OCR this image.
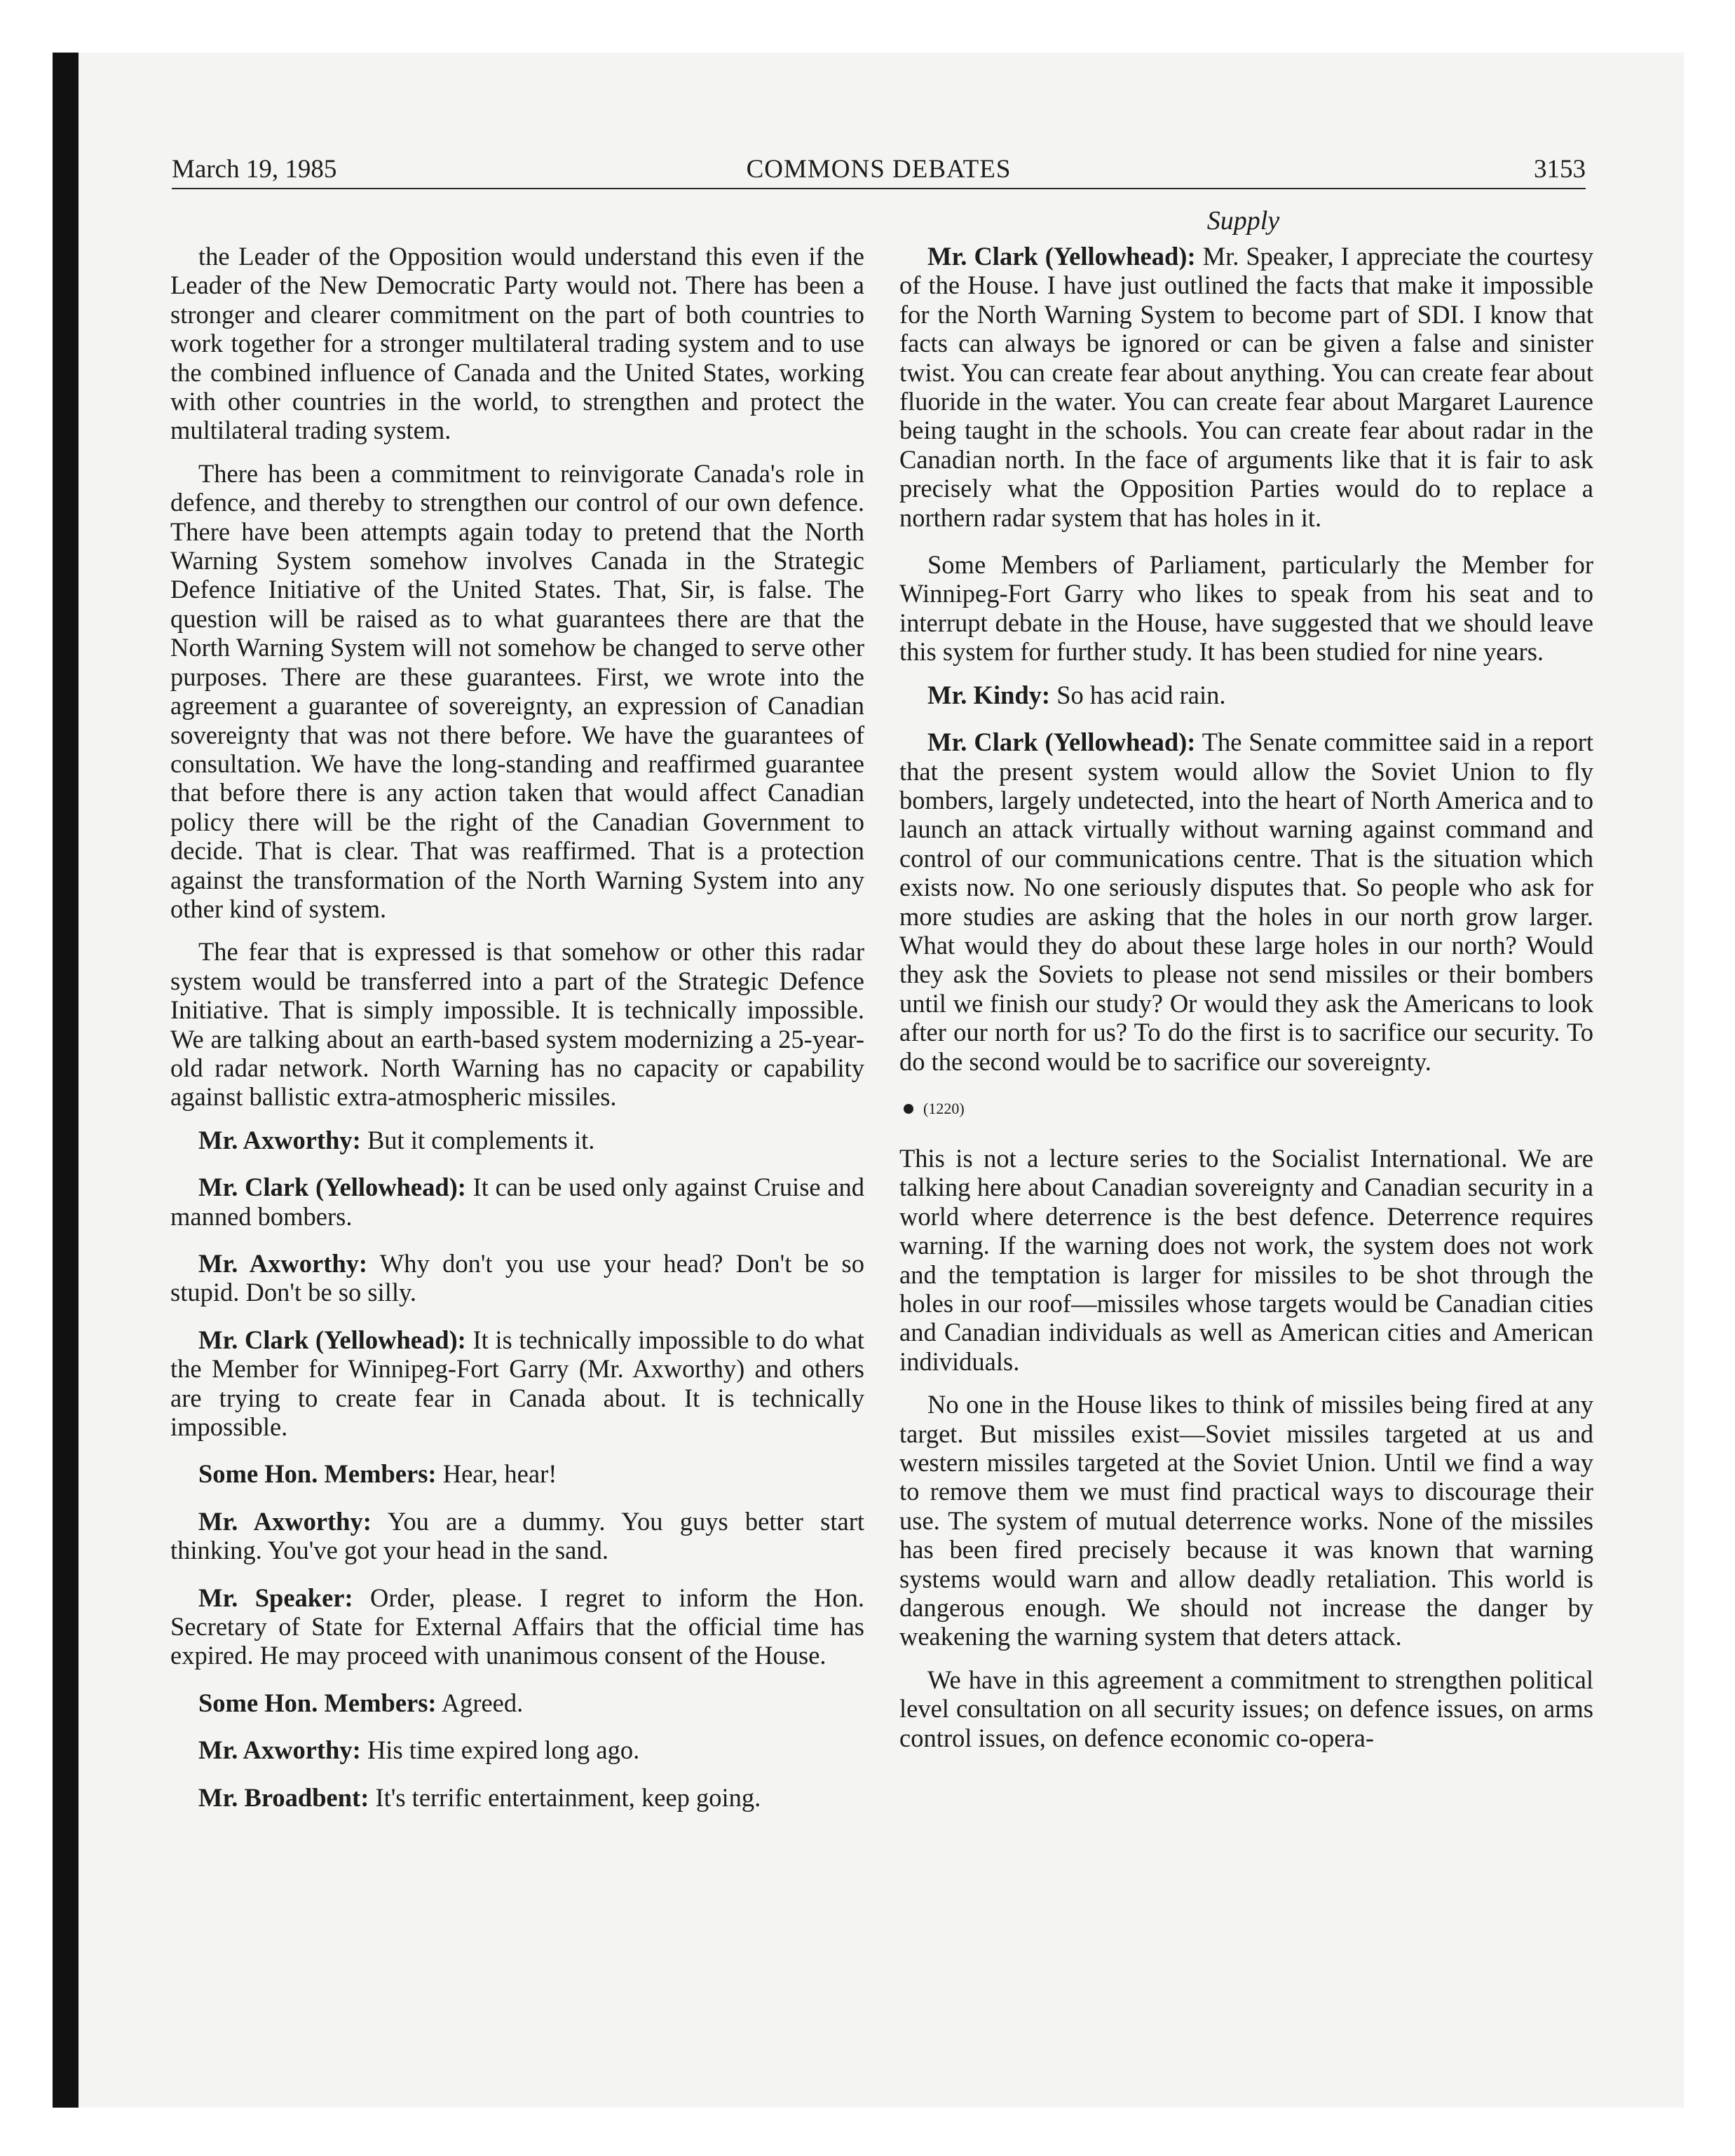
March 19, 1985	COMMONS DEBATES	3153
Supply

the Leader of the Opposition would understand this even if the Leader of the New Democratic Party would not. There has been a stronger and clearer commitment on the part of both countries to work together for a stronger multilateral trading system and to use the combined influence of Canada and the United States, working with other countries in the world, to strengthen and protect the multilateral trading system.

There has been a commitment to reinvigorate Canada's role in defence, and thereby to strengthen our control of our own defence. There have been attempts again today to pretend that the North Warning System somehow involves Canada in the Strategic Defence Initiative of the United States. That, Sir, is false. The question will be raised as to what guarantees there are that the North Warning System will not somehow be changed to serve other purposes. There are these guarantees. First, we wrote into the agreement a guarantee of sovereignty, an expression of Canadian sovereignty that was not there before. We have the guarantees of consultation. We have the long-standing and reaffirmed guarantee that before there is any action taken that would affect Canadian policy there will be the right of the Canadian Government to decide. That is clear. That was reaffirmed. That is a protection against the transformation of the North Warning System into any other kind of system.

The fear that is expressed is that somehow or other this radar system would be transferred into a part of the Strategic Defence Initiative. That is simply impossible. It is technically impossible. We are talking about an earth-based system modernizing a 25-year-old radar network. North Warning has no capacity or capability against ballistic extra-atmospheric missiles.

Mr. Axworthy: But it complements it.

Mr. Clark (Yellowhead): It can be used only against Cruise and manned bombers.

Mr. Axworthy: Why don't you use your head? Don't be so stupid. Don't be so silly.

Mr. Clark (Yellowhead): It is technically impossible to do what the Member for Winnipeg-Fort Garry (Mr. Axworthy) and others are trying to create fear in Canada about. It is technically impossible.

Some Hon. Members: Hear, hear!

Mr. Axworthy: You are a dummy. You guys better start thinking. You've got your head in the sand.

Mr. Speaker: Order, please. I regret to inform the Hon. Secretary of State for External Affairs that the official time has expired. He may proceed with unanimous consent of the House.

Some Hon. Members: Agreed.

Mr. Axworthy: His time expired long ago.

Mr. Broadbent: It's terrific entertainment, keep going.

Mr. Clark (Yellowhead): Mr. Speaker, I appreciate the courtesy of the House. I have just outlined the facts that make it impossible for the North Warning System to become part of SDI. I know that facts can always be ignored or can be given a false and sinister twist. You can create fear about anything. You can create fear about fluoride in the water. You can create fear about Margaret Laurence being taught in the schools. You can create fear about radar in the Canadian north. In the face of arguments like that it is fair to ask precisely what the Opposition Parties would do to replace a northern radar system that has holes in it.

Some Members of Parliament, particularly the Member for Winnipeg-Fort Garry who likes to speak from his seat and to interrupt debate in the House, have suggested that we should leave this system for further study. It has been studied for nine years.

Mr. Kindy: So has acid rain.

Mr. Clark (Yellowhead): The Senate committee said in a report that the present system would allow the Soviet Union to fly bombers, largely undetected, into the heart of North America and to launch an attack virtually without warning against command and control of our communications centre. That is the situation which exists now. No one seriously disputes that. So people who ask for more studies are asking that the holes in our north grow larger. What would they do about these large holes in our north? Would they ask the Soviets to please not send missiles or their bombers until we finish our study? Or would they ask the Americans to look after our north for us? To do the first is to sacrifice our security. To do the second would be to sacrifice our sovereignty.

(1220)

This is not a lecture series to the Socialist International. We are talking here about Canadian sovereignty and Canadian security in a world where deterrence is the best defence. Deterrence requires warning. If the warning does not work, the system does not work and the temptation is larger for missiles to be shot through the holes in our roof—missiles whose targets would be Canadian cities and Canadian individuals as well as American cities and American individuals.

No one in the House likes to think of missiles being fired at any target. But missiles exist—Soviet missiles targeted at us and western missiles targeted at the Soviet Union. Until we find a way to remove them we must find practical ways to discourage their use. The system of mutual deterrence works. None of the missiles has been fired precisely because it was known that warning systems would warn and allow deadly retaliation. This world is dangerous enough. We should not increase the danger by weakening the warning system that deters attack.

We have in this agreement a commitment to strengthen political level consultation on all security issues; on defence issues, on arms control issues, on defence economic co-opera-
